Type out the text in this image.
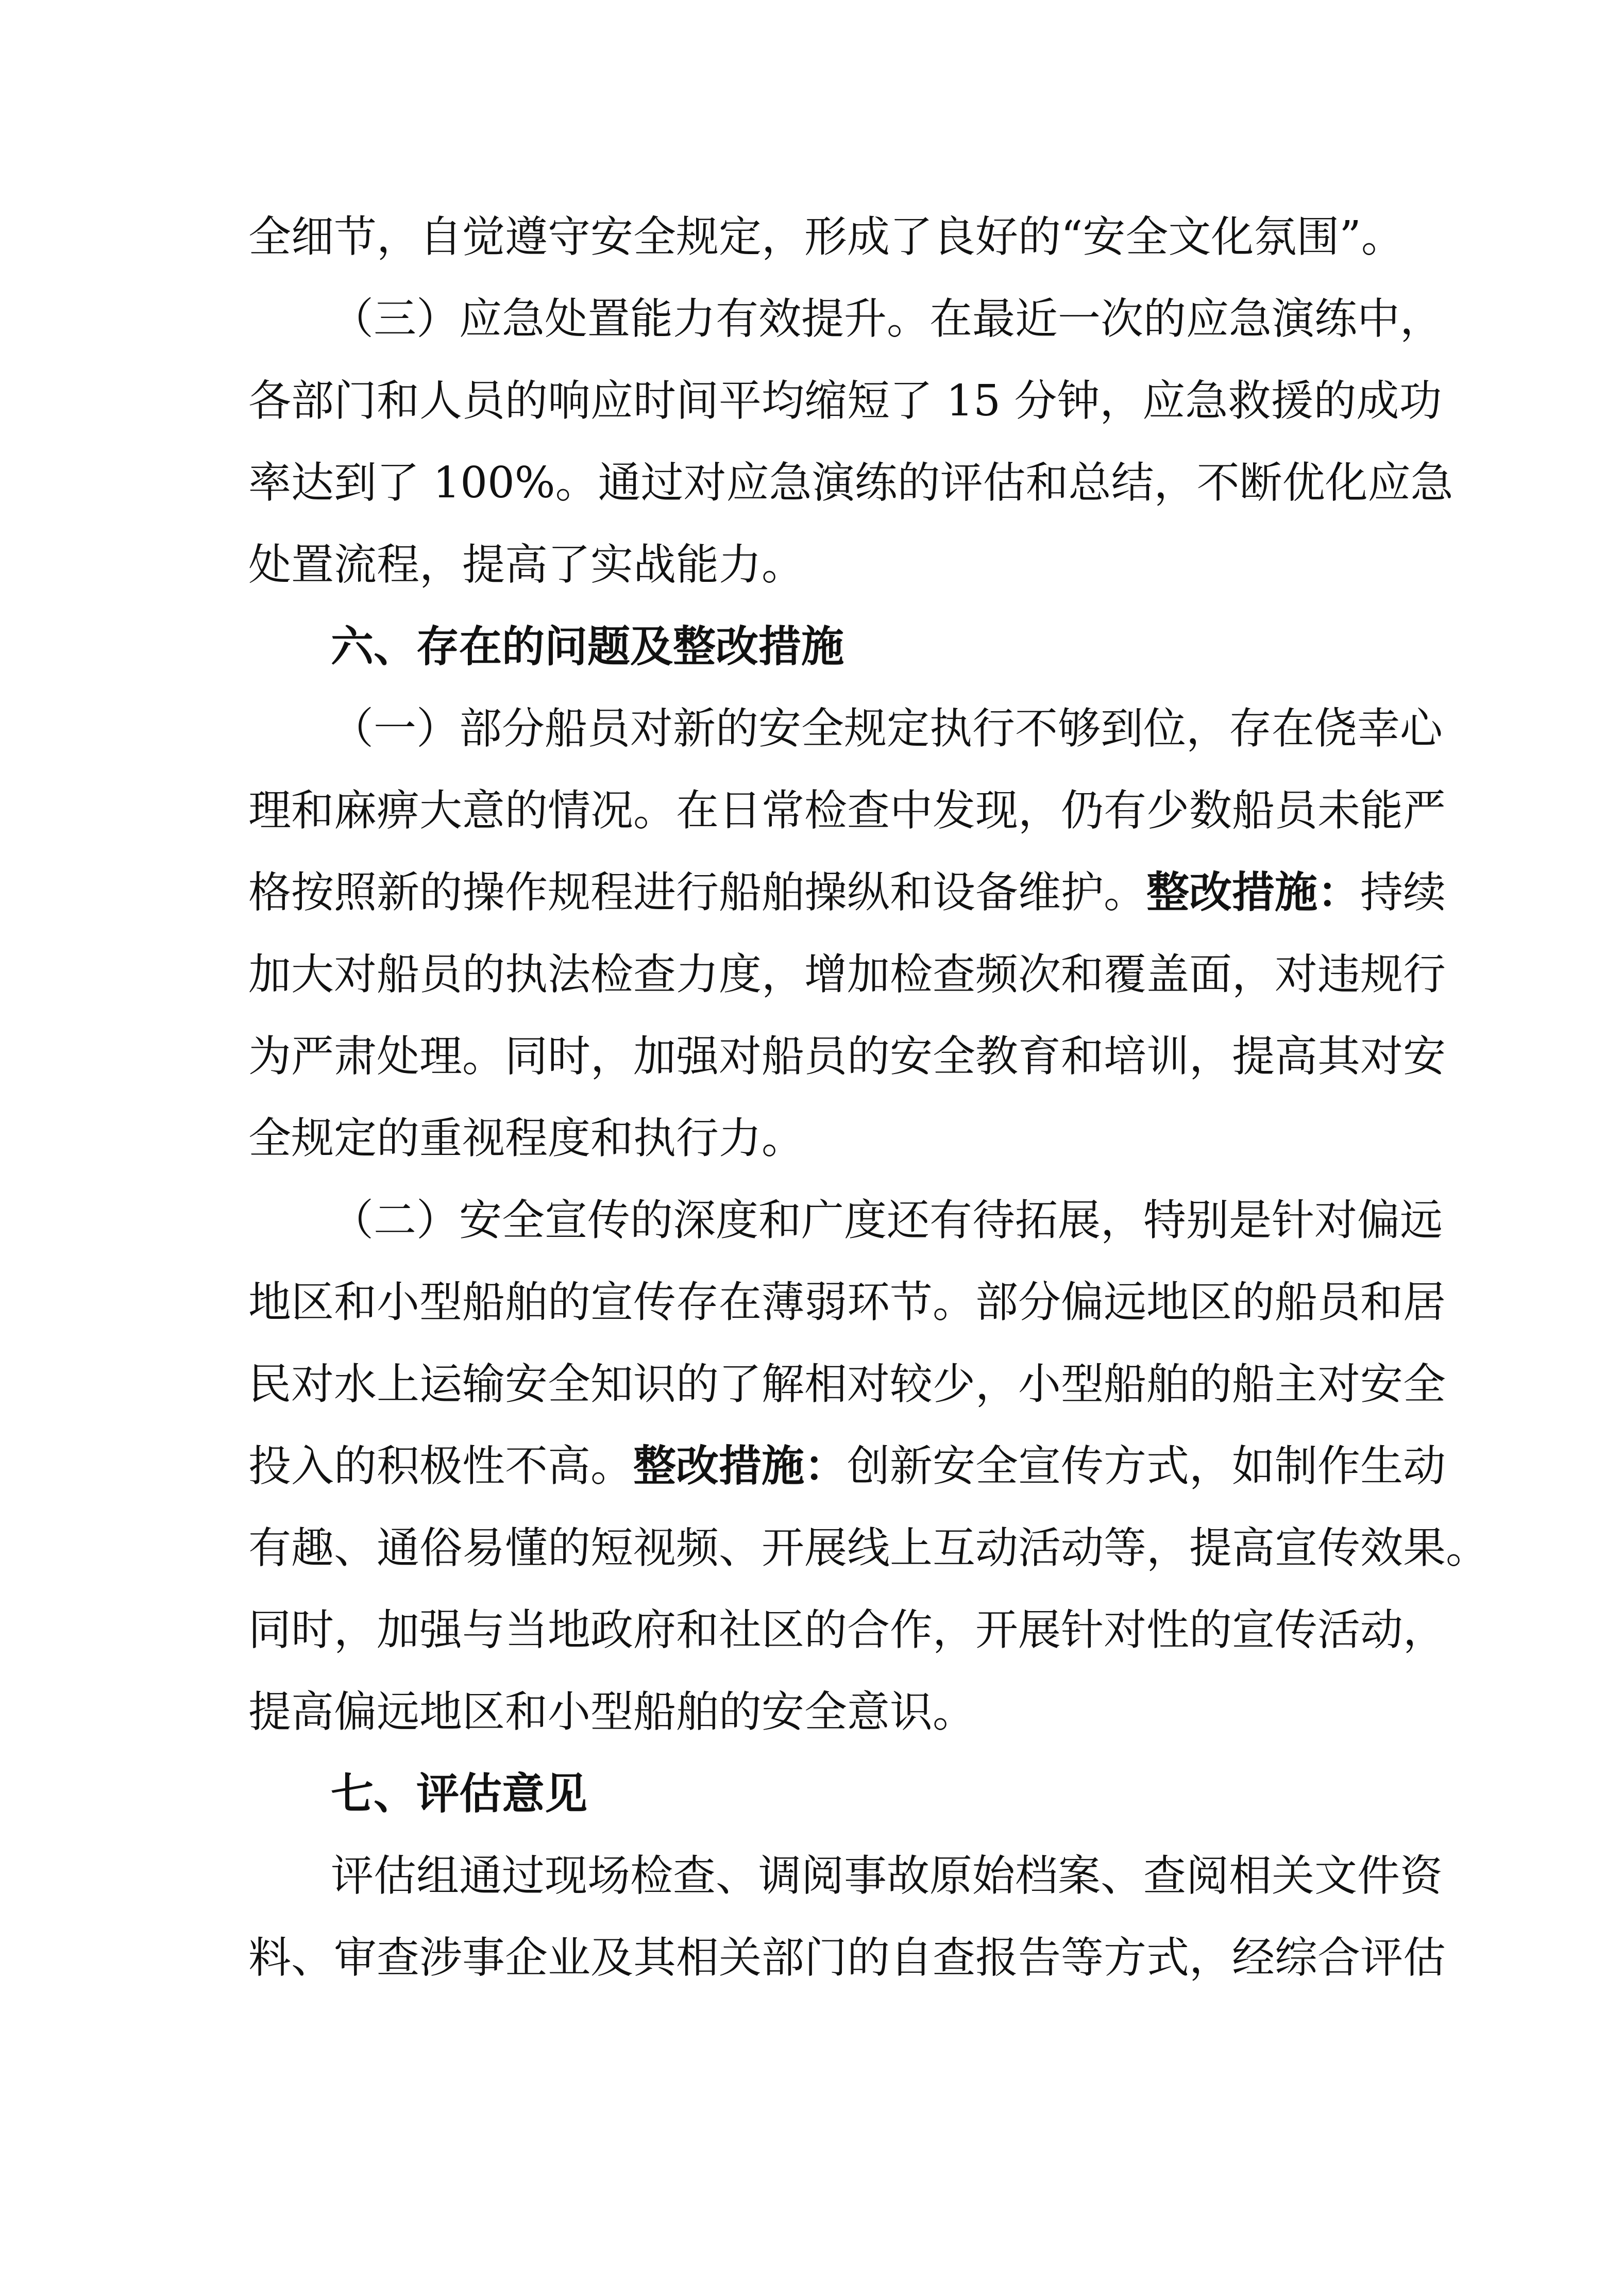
全细节，自觉遵守安全规定，形成了良好的“安全文化氛围”。
（三）应急处置能力有效提升。在最近一次的应急演练中，
各部门和人员的响应时间平均缩短了 15 分钟，应急救援的成功
率达到了 100%。通过对应急演练的评估和总结，不断优化应急
处置流程，提高了实战能力。
六、存在的问题及整改措施
（一）部分船员对新的安全规定执行不够到位，存在侥幸心
理和麻痹大意的情况。在日常检查中发现，仍有少数船员未能严
格按照新的操作规程进行船舶操纵和设备维护。整改措施：持续
加大对船员的执法检查力度，增加检查频次和覆盖面，对违规行
为严肃处理。同时，加强对船员的安全教育和培训，提高其对安
全规定的重视程度和执行力。
（二）安全宣传的深度和广度还有待拓展，特别是针对偏远
地区和小型船舶的宣传存在薄弱环节。部分偏远地区的船员和居
民对水上运输安全知识的了解相对较少，小型船舶的船主对安全
投入的积极性不高。整改措施：创新安全宣传方式，如制作生动
有趣、通俗易懂的短视频、开展线上互动活动等，提高宣传效果。
同时，加强与当地政府和社区的合作，开展针对性的宣传活动，
提高偏远地区和小型船舶的安全意识。
七、评估意见
评估组通过现场检查、调阅事故原始档案、查阅相关文件资
料、审查涉事企业及其相关部门的自查报告等方式，经综合评估
